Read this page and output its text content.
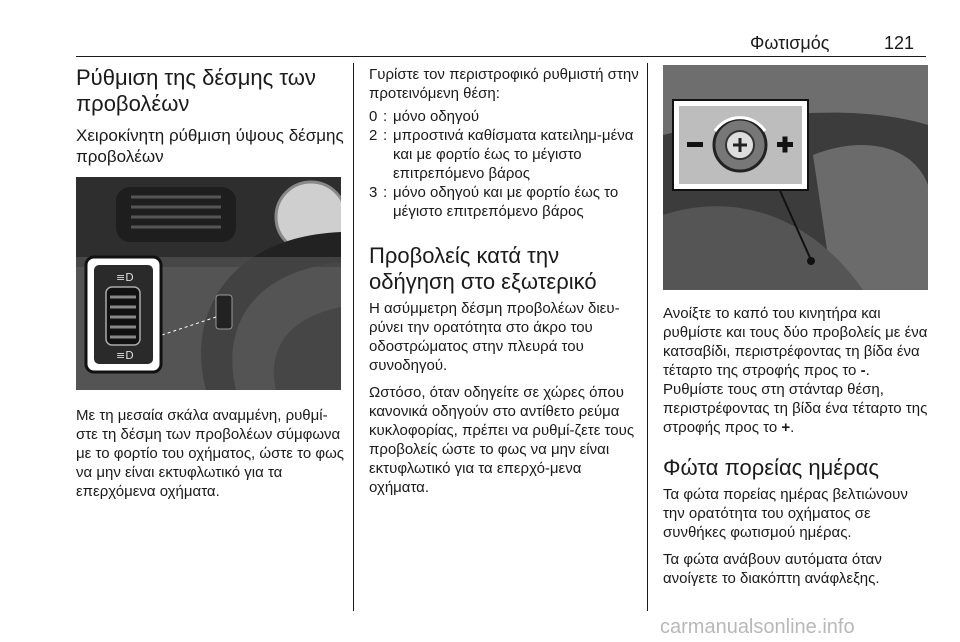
Φωτισμός	121
Ρύθμιση της δέσμης των προβολέων
Χειροκίνητη ρύθμιση ύψους δέσμης προβολέων
≡D
≡D

Με τη μεσαία σκάλα αναμμένη, ρυθμί-στε τη δέσμη των προβολέων σύμφωνα με το φορτίο του οχήματος, ώστε το φως να μην είναι εκτυφλωτικό για τα επερχόμενα οχήματα.

Γυρίστε τον περιστροφικό ρυθμιστή στην προτεινόμενη θέση:

0 : μόνο οδηγού
2 : μπροστινά καθίσματα κατειλημ-μένα και με φορτίο έως το μέγιστο επιτρεπόμενο βάρος
3 : μόνο οδηγού και με φορτίο έως το μέγιστο επιτρεπόμενο βάρος
Προβολείς κατά την οδήγηση στο εξωτερικό

Η ασύμμετρη δέσμη προβολέων διευ-ρύνει την ορατότητα στο άκρο του οδοστρώματος στην πλευρά του συνοδηγού.

Ωστόσο, όταν οδηγείτε σε χώρες όπου κανονικά οδηγούν στο αντίθετο ρεύμα κυκλοφορίας, πρέπει να ρυθμί-ζετε τους προβολείς ώστε το φως να μην είναι εκτυφλωτικό για τα επερχό-μενα οχήματα.

Ανοίξτε το καπό του κινητήρα και ρυθμίστε και τους δύο προβολείς με ένα κατσαβίδι, περιστρέφοντας τη βίδα ένα τέταρτο της στροφής προς το -. Ρυθμίστε τους στη στάνταρ θέση, περιστρέφοντας τη βίδα ένα τέταρτο της στροφής προς το +.

Φώτα πορείας ημέρας

Τα φώτα πορείας ημέρας βελτιώνουν την ορατότητα του οχήματος σε συνθήκες φωτισμού ημέρας.

Τα φώτα ανάβουν αυτόματα όταν ανοίγετε το διακόπτη ανάφλεξης.

carmanualsonline.info
